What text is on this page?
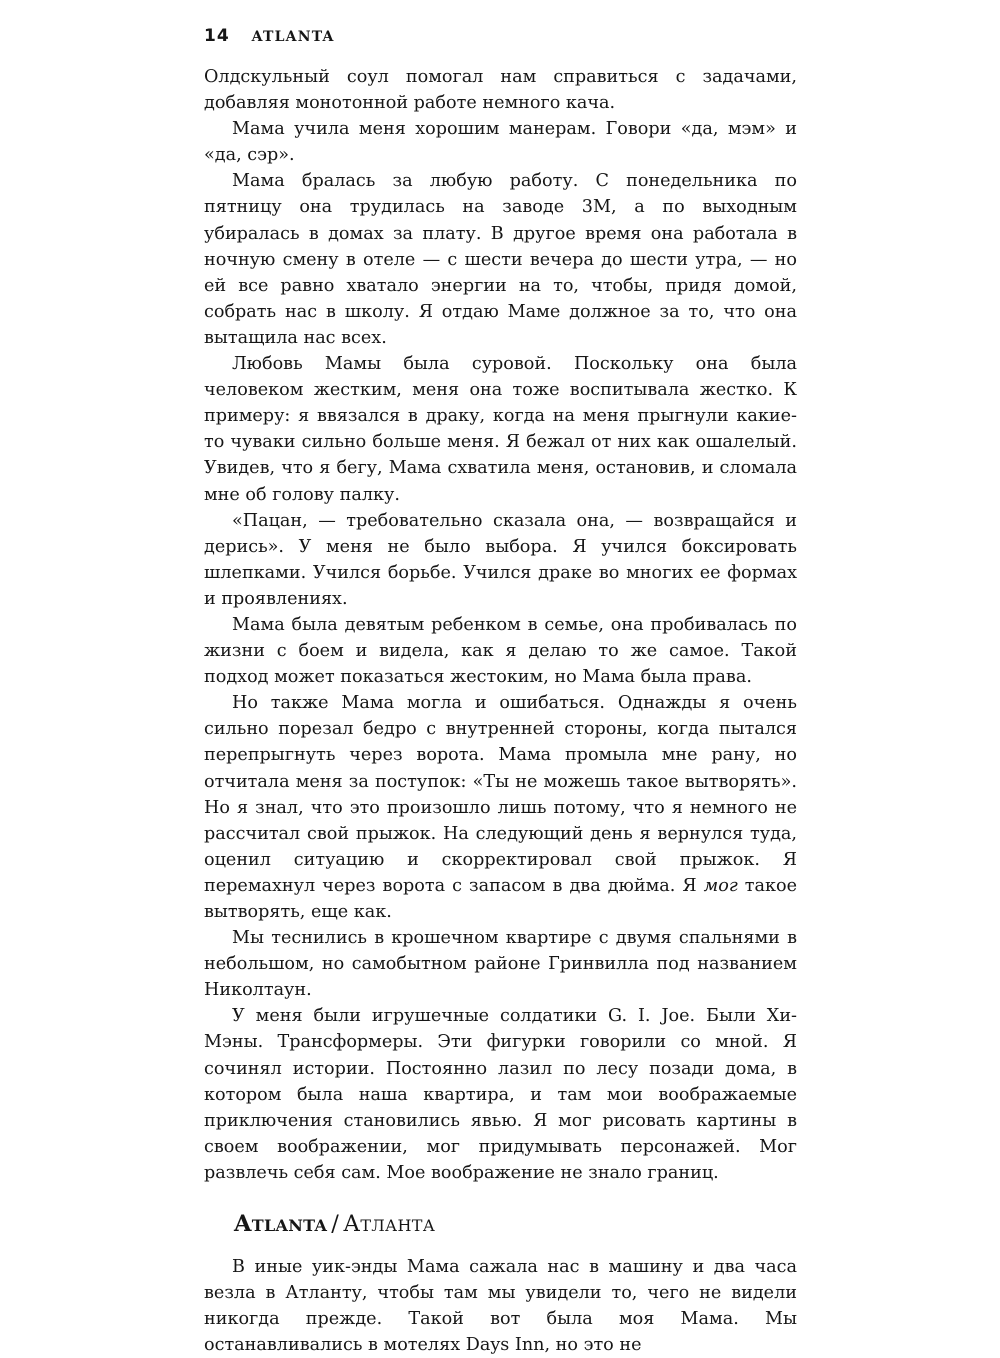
14 ATLANTA

Олдскульный соул помогал нам справиться с задачами, добавляя монотонной работе немного кача.

Мама учила меня хорошим манерам. Говори «да, мэм» и «да, сэр».

Мама бралась за любую работу. С понедельника по пятницу она трудилась на заводе 3M, а по выходным убиралась в домах за плату. В другое время она работала в ночную смену в отеле — с шести вечера до шести утра, — но ей все равно хватало энергии на то, чтобы, придя домой, собрать нас в школу. Я отдаю Маме должное за то, что она вытащила нас всех.

Любовь Мамы была суровой. Поскольку она была человеком жестким, меня она тоже воспитывала жестко. К примеру: я ввязался в драку, когда на меня прыгнули какие-то чуваки сильно больше меня. Я бежал от них как ошалелый. Увидев, что я бегу, Мама схватила меня, остановив, и сломала мне об голову палку.

«Пацан, — требовательно сказала она, — возвращайся и дерись». У меня не было выбора. Я учился боксировать шлепками. Учился борьбе. Учился драке во многих ее формах и проявлениях.

Мама была девятым ребенком в семье, она пробивалась по жизни с боем и видела, как я делаю то же самое. Такой подход может показаться жестоким, но Мама была права.

Но также Мама могла и ошибаться. Однажды я очень сильно порезал бедро с внутренней стороны, когда пытался перепрыгнуть через ворота. Мама промыла мне рану, но отчитала меня за поступок: «Ты не можешь такое вытворять». Но я знал, что это произошло лишь потому, что я немного не рассчитал свой прыжок. На следующий день я вернулся туда, оценил ситуацию и скорректировал свой прыжок. Я перемахнул через ворота с запасом в два дюйма. Я мог такое вытворять, еще как.

Мы теснились в крошечном квартире с двумя спальнями в небольшом, но самобытном районе Гринвилла под названием Николтаун.

У меня были игрушечные солдатики G. I. Joe. Были Хи-Мэны. Трансформеры. Эти фигурки говорили со мной. Я сочинял истории. Постоянно лазил по лесу позади дома, в котором была наша квартира, и там мои воображаемые приключения становились явью. Я мог рисовать картины в своем воображении, мог придумывать персонажей. Мог развлечь себя сам. Мое воображение не знало границ.

Atlanta / Атланта

В иные уик-энды Мама сажала нас в машину и два часа везла в Атланту, чтобы там мы увидели то, чего не видели никогда прежде. Такой вот была моя Мама. Мы останавливались в мотелях Days Inn, но это не
